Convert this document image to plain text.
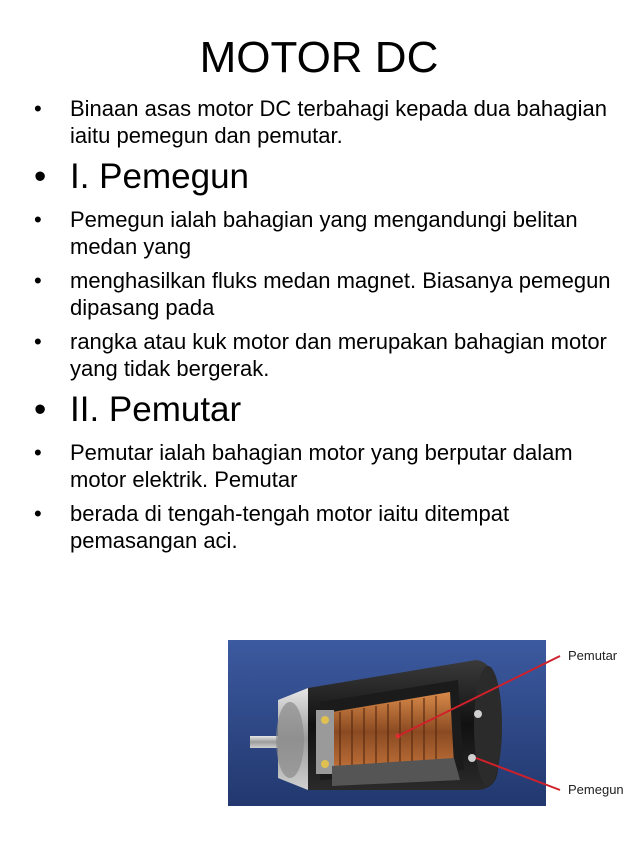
MOTOR DC
• Binaan asas motor DC terbahagi kepada dua bahagian iaitu pemegun dan pemutar.
• I. Pemegun
• Pemegun ialah bahagian yang mengandungi belitan medan yang
• menghasilkan fluks medan magnet. Biasanya pemegun dipasang pada
• rangka atau kuk motor dan merupakan bahagian motor yang tidak bergerak.
• II. Pemutar
• Pemutar ialah bahagian motor yang berputar dalam motor elektrik. Pemutar
• berada di tengah-tengah motor iaitu ditempat pemasangan aci.
Pemutar
Pemegun
